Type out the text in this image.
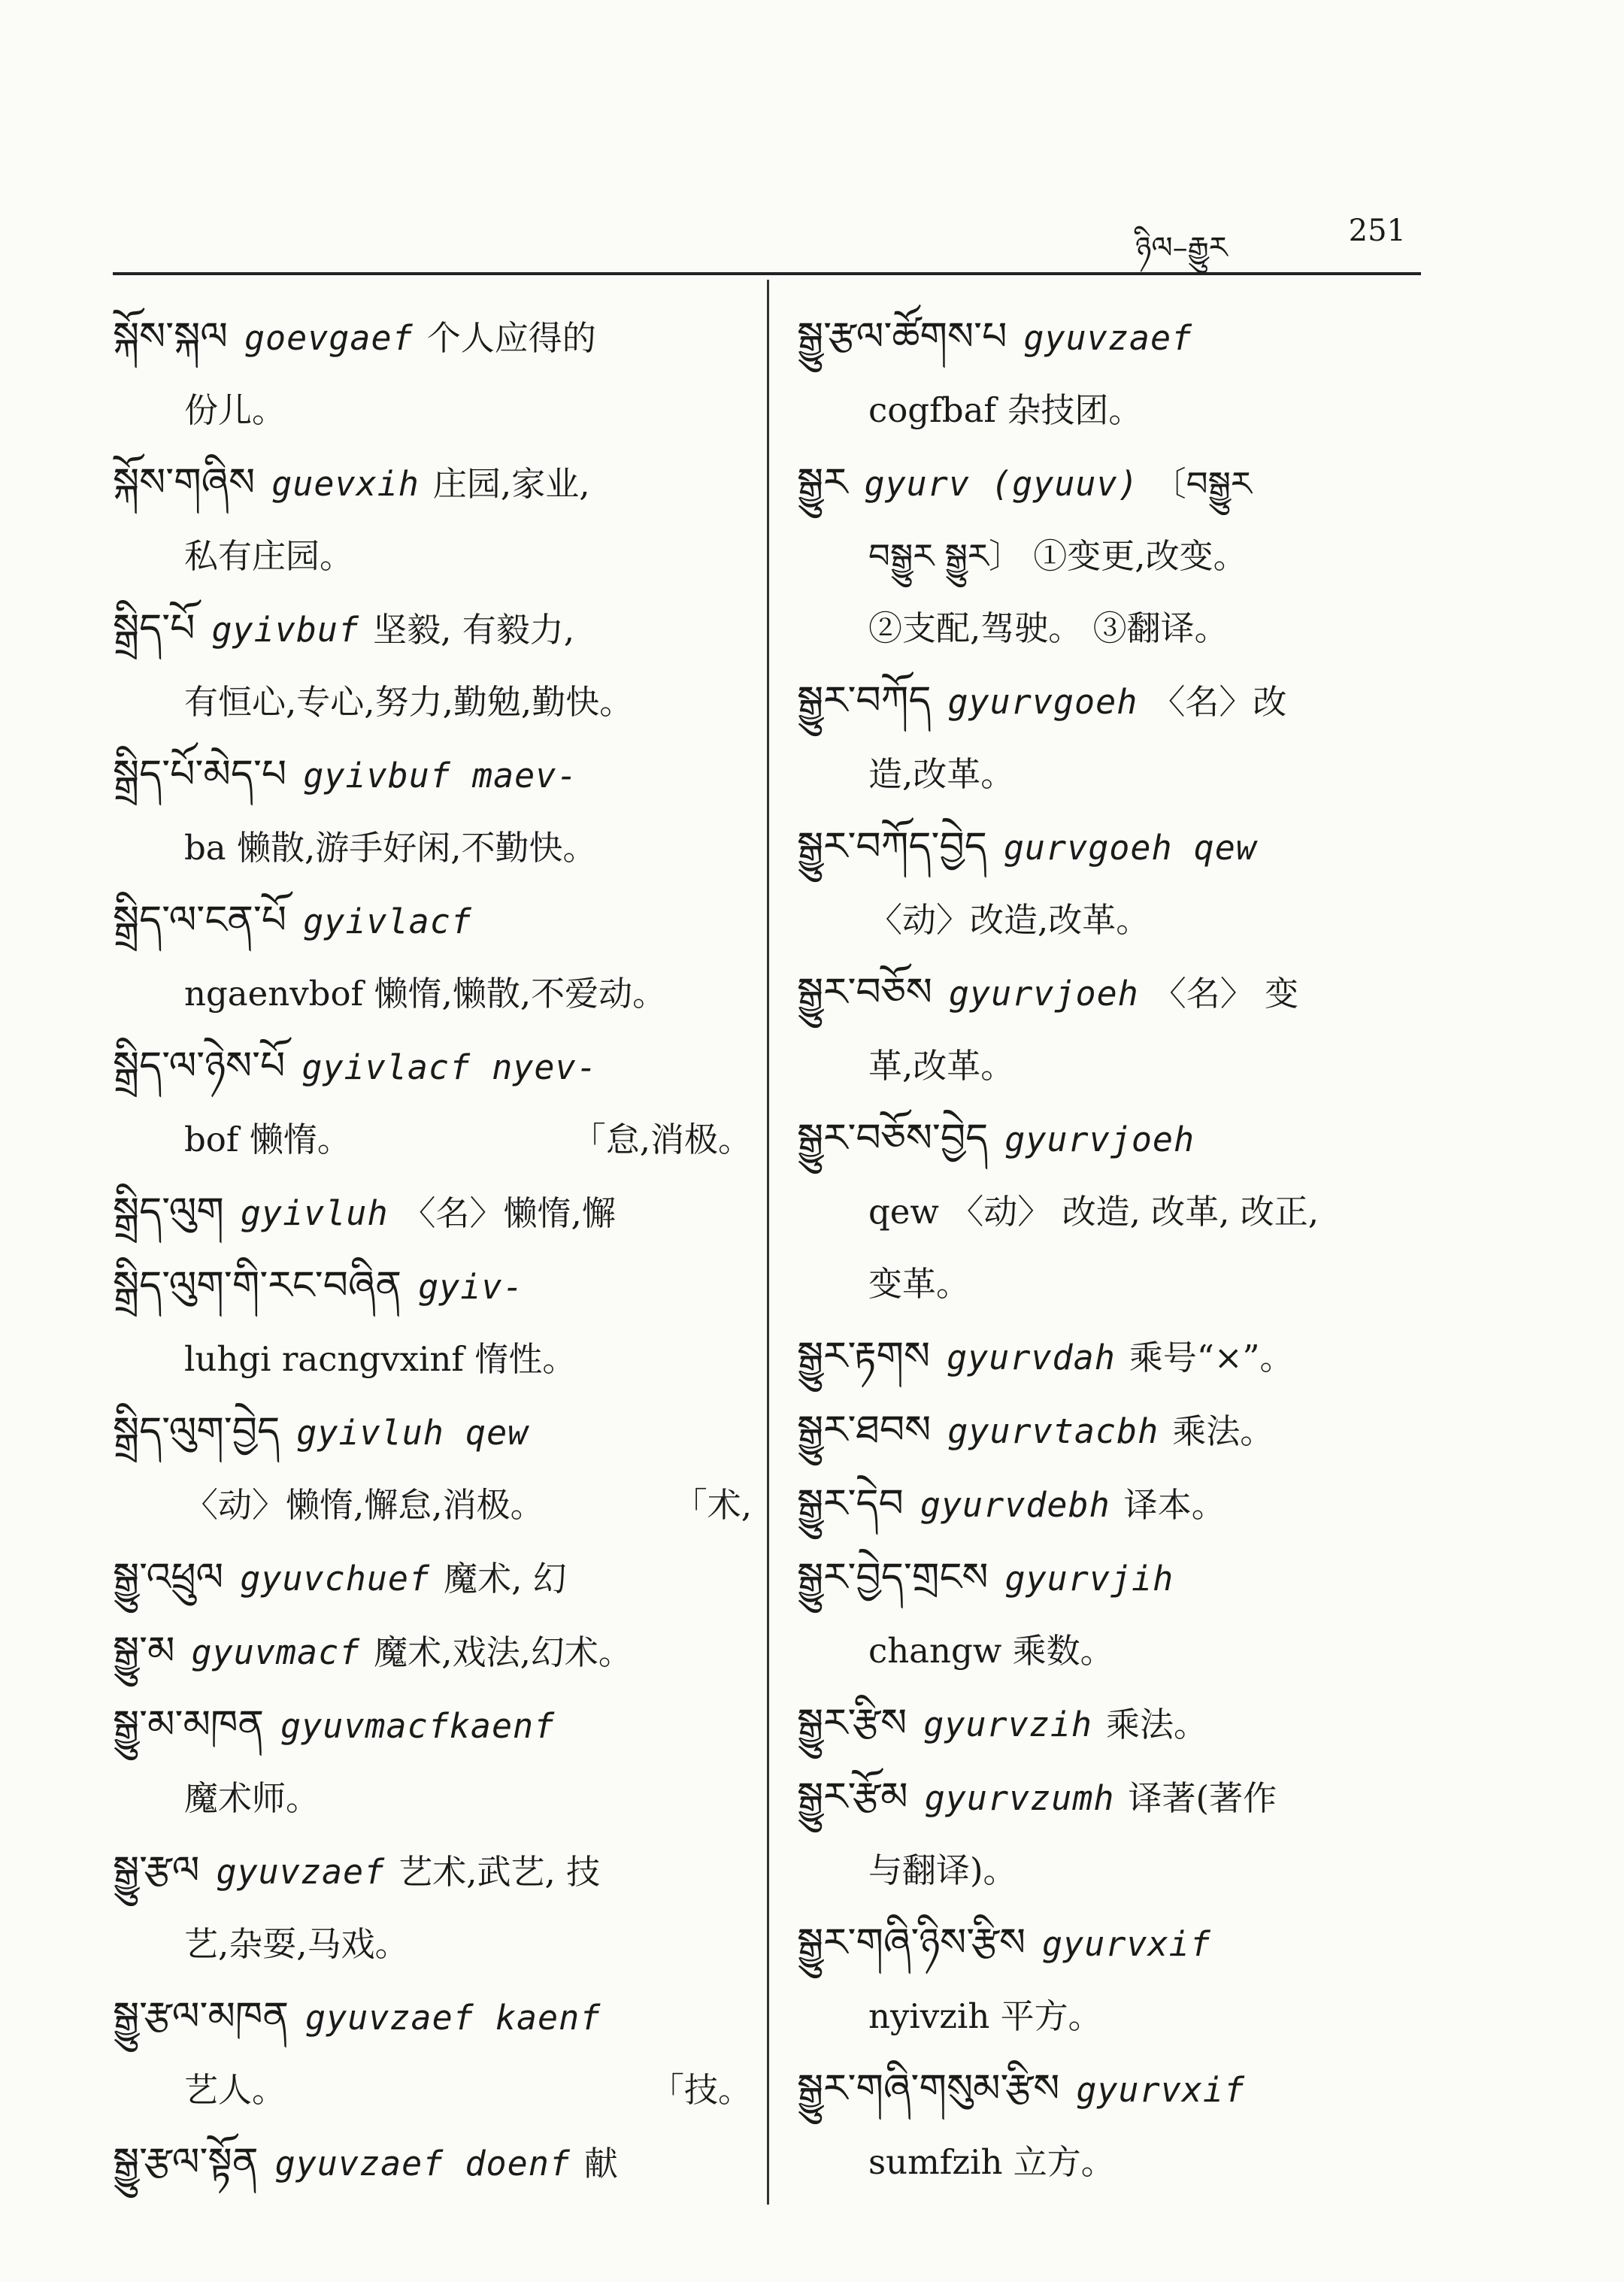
ཉིལ–རྒྱུར	251
སྐོས་སྐལ goevgaef 个人应得的
份儿。
སྐོས་གཞིས guevxih 庄园,家业,
私有庄园。
སྒྲིད་པོ gyivbuf 坚毅, 有毅力,
有恒心,专心,努力,勤勉,勤快。
སྒྲིད་པོ་མེད་པ gyivbuf maev-
ba 懒散,游手好闲,不勤快。
སྒྲིད་ལ་ངན་པོ gyivlacf
ngaenvbof 懒惰,懒散,不爱动。
སྒྲིད་ལ་ཉེས་པོ gyivlacf nyev-
「怠,消极。
bof 懒惰。
སྒྲིད་ལུག gyivluh 〈名〉懒惰,懈
སྒྲིད་ལུག་གི་རང་བཞིན gyiv-
luhgi racngvxinf 惰性。
སྒྲིད་ལུག་བྱེད gyivluh qew
「术,
〈动〉懒惰,懈怠,消极。
སྒྱུ་འཕྲུལ gyuvchuef 魔术, 幻
སྒྱུ་མ gyuvmacf 魔术,戏法,幻术。
སྒྱུ་མ་མཁན gyuvmacfkaenf
魔术师。
སྒྱུ་རྩལ gyuvzaef 艺术,武艺, 技
艺,杂耍,马戏。
སྒྱུ་རྩལ་མཁན gyuvzaef kaenf
「技。
艺人。
སྒྱུ་རྩལ་སྟོན gyuvzaef doenf 献
སྒྱུ་རྩལ་ཚོགས་པ gyuvzaef
cogfbaf 杂技团。
སྒྱུར gyurv (gyuuv) 〔བསྒྱུར
བསྒྱུར སྒྱུར〕 ①变更,改变。
②支配,驾驶。 ③翻译。
སྒྱུར་བཀོད gyurvgoeh 〈名〉改
造,改革。
སྒྱུར་བཀོད་བྱེད gurvgoeh qew
〈动〉改造,改革。
སྒྱུར་བཅོས gyurvjoeh 〈名〉 变
革,改革。
སྒྱུར་བཅོས་བྱེད gyurvjoeh
qew 〈动〉 改造, 改革, 改正,
变革。
སྒྱུར་རྟགས gyurvdah 乘号“×”。
སྒྱུར་ཐབས gyurvtacbh 乘法。
སྒྱུར་དེབ gyurvdebh 译本。
སྒྱུར་བྱེད་གྲངས gyurvjih
changw 乘数。
སྒྱུར་རྩིས gyurvzih 乘法。
སྒྱུར་རྩོམ gyurvzumh 译著(著作
与翻译)。
སྒྱུར་གཞི་ཉིས་རྩིས gyurvxif
nyivzih 平方。
སྒྱུར་གཞི་གསུམ་རྩིས gyurvxif
sumfzih 立方。
